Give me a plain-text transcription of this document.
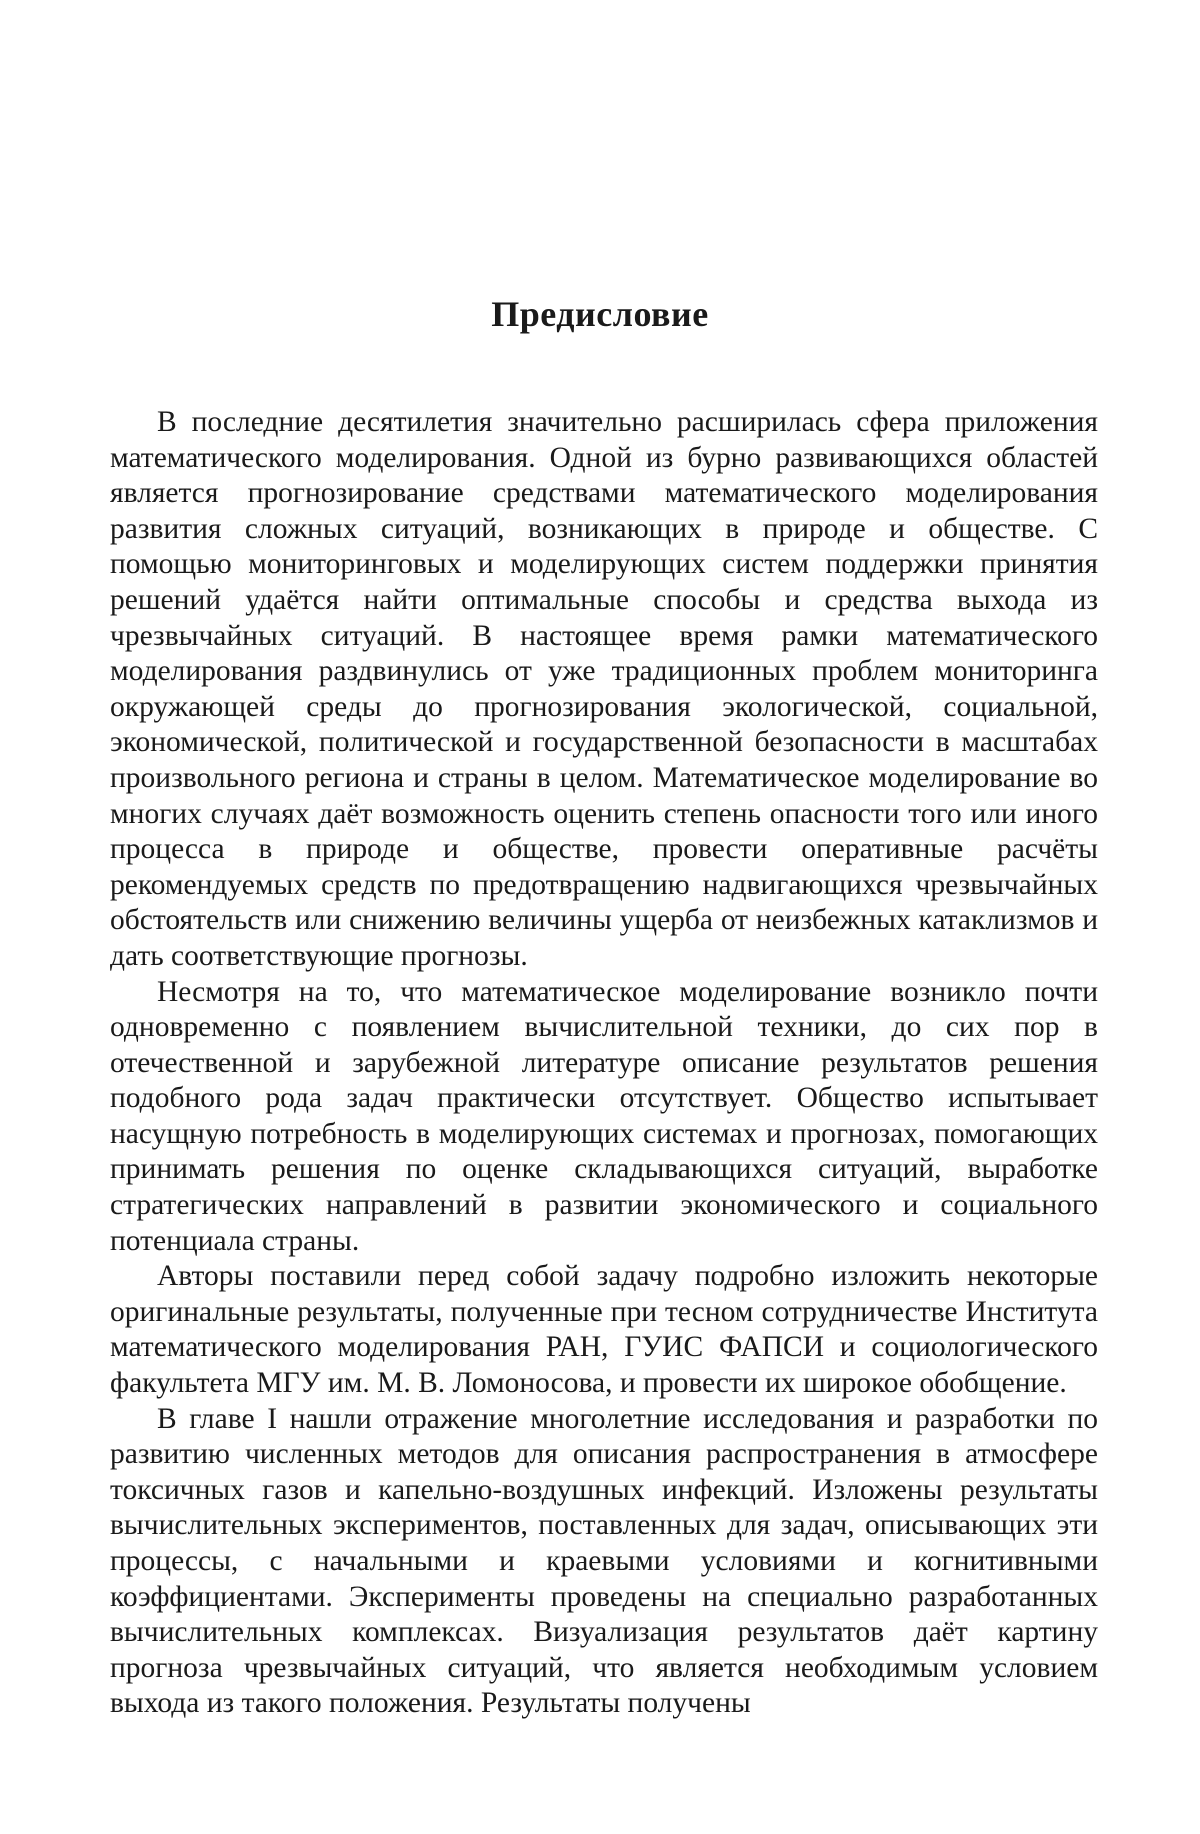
Предисловие

В последние десятилетия значительно расширилась сфера приложения математического моделирования. Одной из бурно развивающихся областей является прогнозирование средствами математического моделирования развития сложных ситуаций, возникающих в природе и обществе. С помощью мониторинговых и моделирующих систем поддержки принятия решений удаётся найти оптимальные способы и средства выхода из чрезвычайных ситуаций. В настоящее время рамки математического моделирования раздвинулись от уже традиционных проблем мониторинга окружающей среды до прогнозирования экологической, социальной, экономической, политической и государственной безопасности в масштабах произвольного региона и страны в целом. Математическое моделирование во многих случаях даёт возможность оценить степень опасности того или иного процесса в природе и обществе, провести оперативные расчёты рекомендуемых средств по предотвращению надвигающихся чрезвычайных обстоятельств или снижению величины ущерба от неизбежных катаклизмов и дать соответствующие прогнозы.

Несмотря на то, что математическое моделирование возникло почти одновременно с появлением вычислительной техники, до сих пор в отечественной и зарубежной литературе описание результатов решения подобного рода задач практически отсутствует. Общество испытывает насущную потребность в моделирующих системах и прогнозах, помогающих принимать решения по оценке складывающихся ситуаций, выработке стратегических направлений в развитии экономического и социального потенциала страны.

Авторы поставили перед собой задачу подробно изложить некоторые оригинальные результаты, полученные при тесном сотрудничестве Института математического моделирования РАН, ГУИС ФАПСИ и социологического факультета МГУ им. М. В. Ломоносова, и провести их широкое обобщение.

В главе I нашли отражение многолетние исследования и разработки по развитию численных методов для описания распространения в атмосфере токсичных газов и капельно-воздушных инфекций. Изложены результаты вычислительных экспериментов, поставленных для задач, описывающих эти процессы, с начальными и краевыми условиями и когнитивными коэффициентами. Эксперименты проведены на специально разработанных вычислительных комплексах. Визуализация результатов даёт картину прогноза чрезвычайных ситуаций, что является необходимым условием выхода из такого положения. Результаты получены
